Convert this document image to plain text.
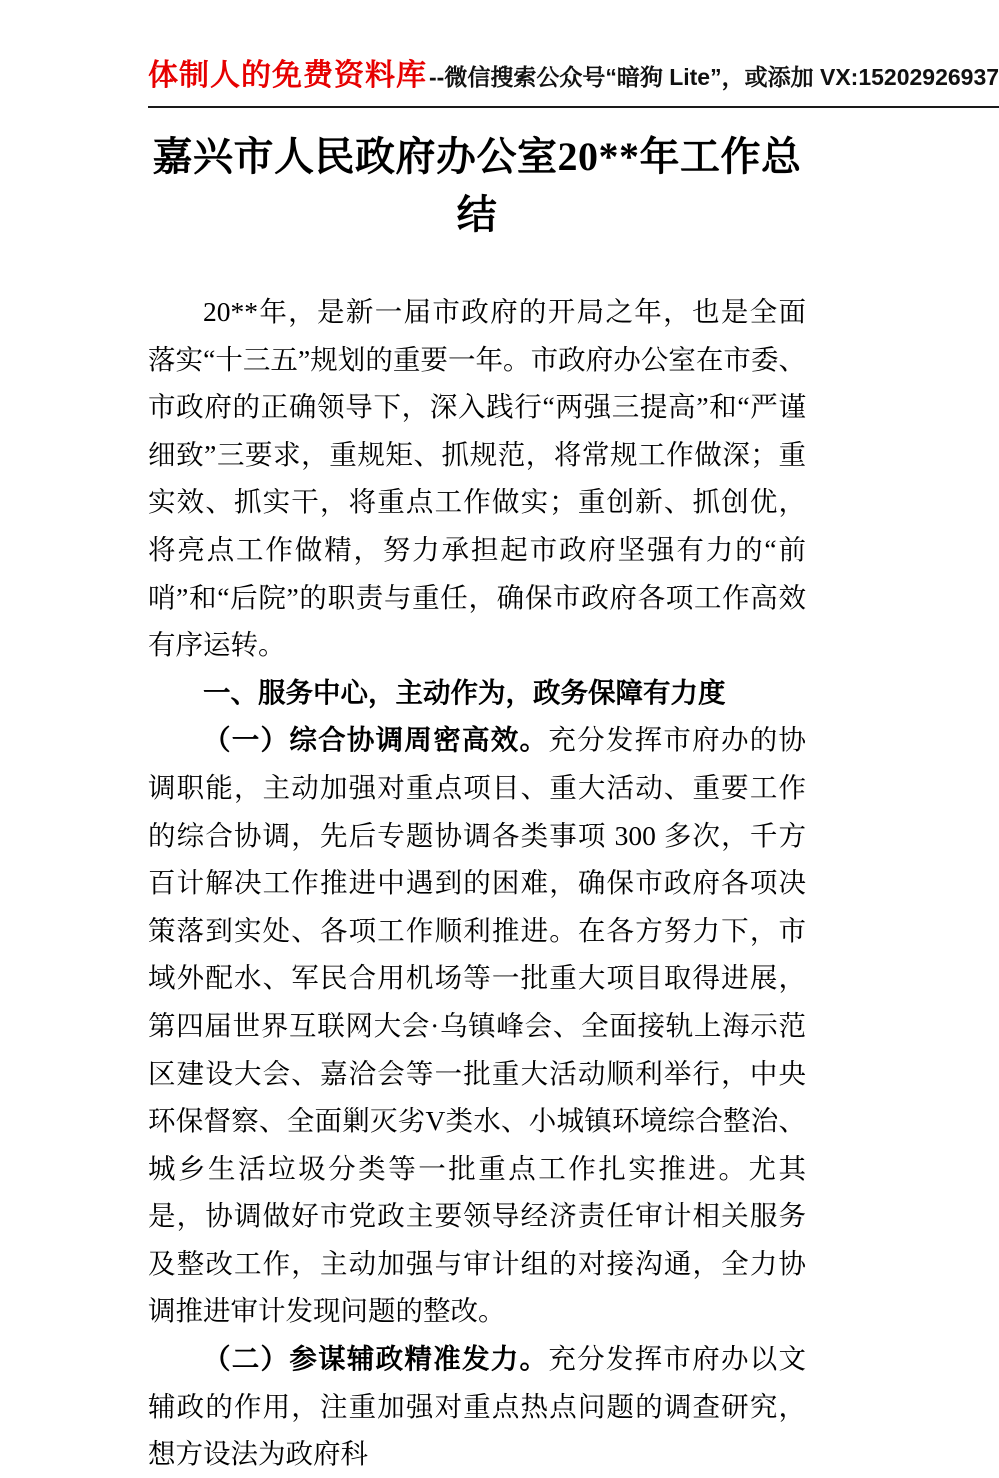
体制人的免费资料库--微信搜索公众号“暗狗 Lite”，或添加 VX:15202926937
嘉兴市人民政府办公室20**年工作总结

20**年，是新一届市政府的开局之年，也是全面落实“十三五”规划的重要一年。市政府办公室在市委、市政府的正确领导下，深入践行“两强三提高”和“严谨细致”三要求，重规矩、抓规范，将常规工作做深；重实效、抓实干，将重点工作做实；重创新、抓创优，将亮点工作做精，努力承担起市政府坚强有力的“前哨”和“后院”的职责与重任，确保市政府各项工作高效有序运转。

一、服务中心，主动作为，政务保障有力度

（一）综合协调周密高效。充分发挥市府办的协调职能，主动加强对重点项目、重大活动、重要工作的综合协调，先后专题协调各类事项 300 多次，千方百计解决工作推进中遇到的困难，确保市政府各项决策落到实处、各项工作顺利推进。在各方努力下，市域外配水、军民合用机场等一批重大项目取得进展，第四届世界互联网大会·乌镇峰会、全面接轨上海示范区建设大会、嘉洽会等一批重大活动顺利举行，中央环保督察、全面剿灭劣V类水、小城镇环境综合整治、城乡生活垃圾分类等一批重点工作扎实推进。尤其是，协调做好市党政主要领导经济责任审计相关服务及整改工作，主动加强与审计组的对接沟通，全力协调推进审计发现问题的整改。

（二）参谋辅政精准发力。充分发挥市府办以文辅政的作用，注重加强对重点热点问题的调查研究，想方设法为政府科
